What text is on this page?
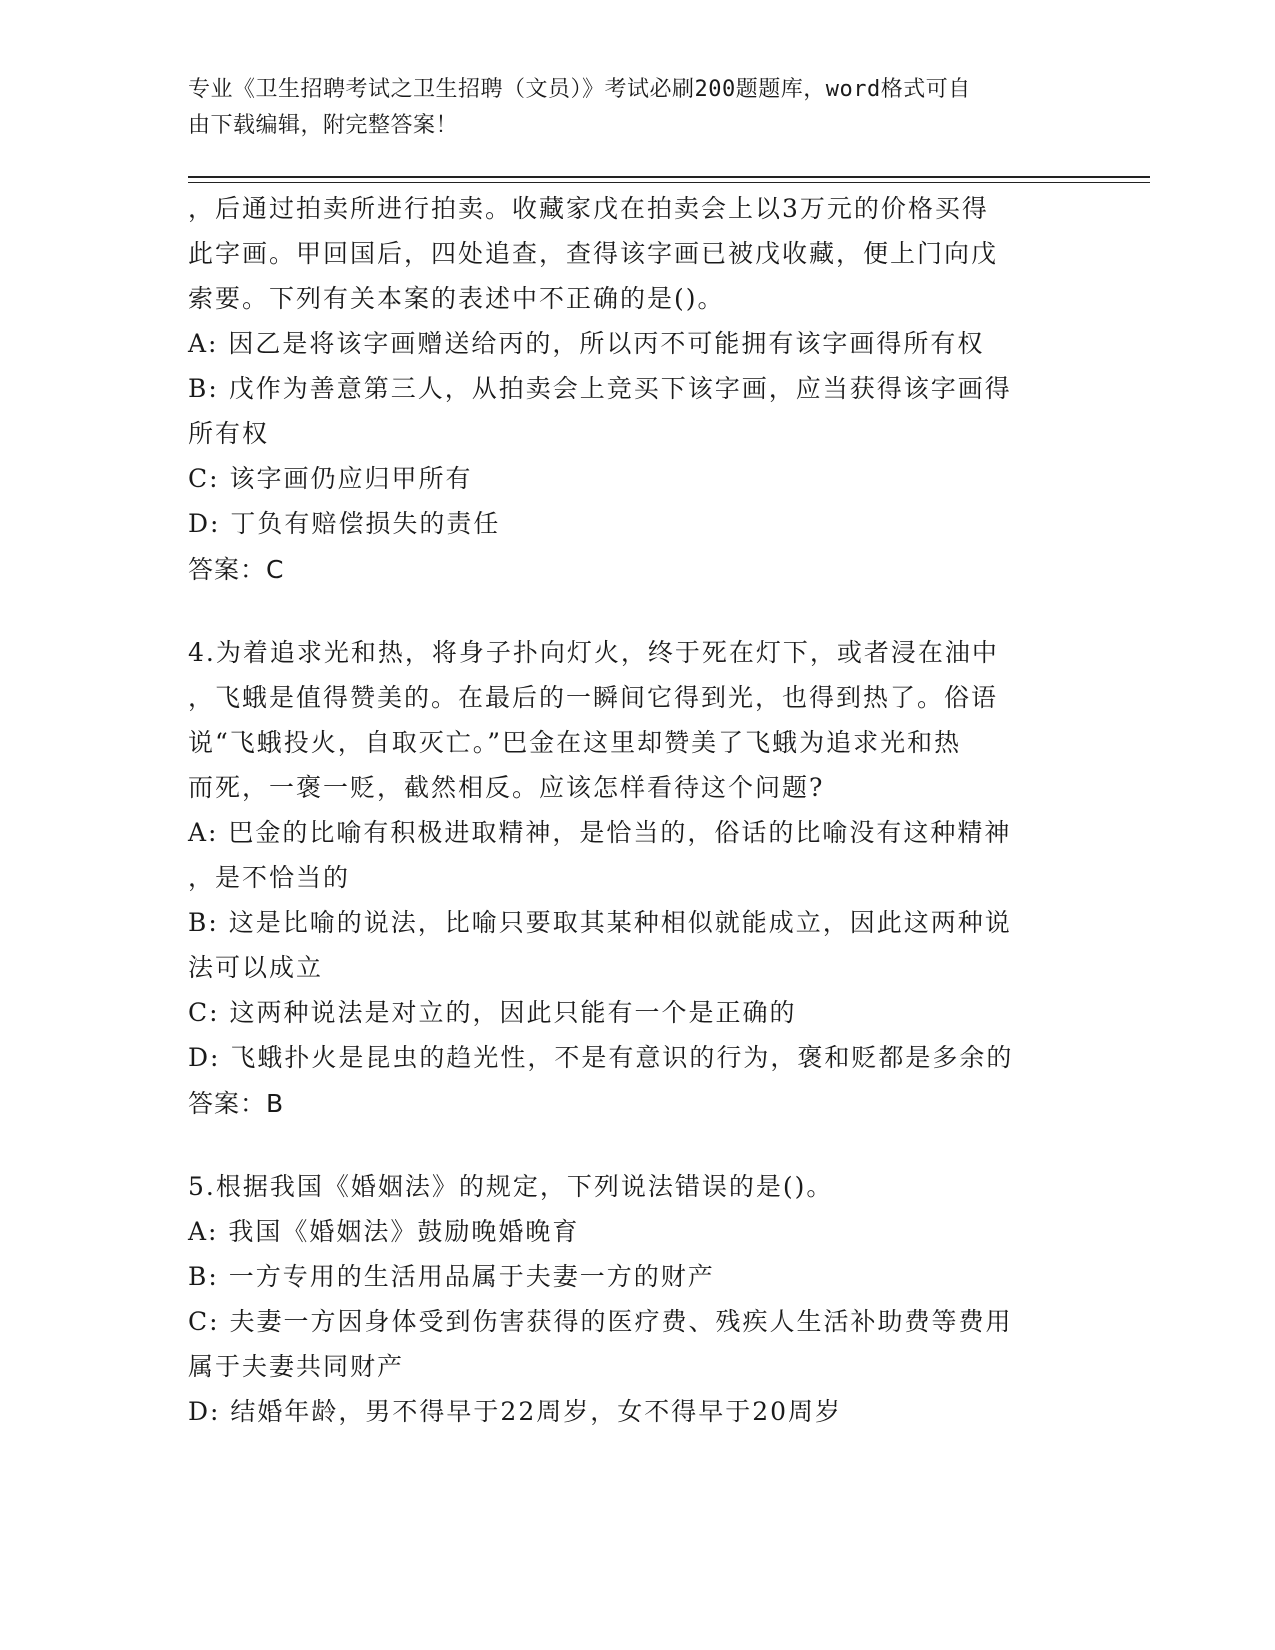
专业《卫生招聘考试之卫生招聘（文员）》考试必刷200题题库，word格式可自
由下载编辑，附完整答案！
，后通过拍卖所进行拍卖。收藏家戊在拍卖会上以3万元的价格买得
此字画。甲回国后，四处追查，查得该字画已被戊收藏，便上门向戊
索要。下列有关本案的表述中不正确的是()。
A: 因乙是将该字画赠送给丙的，所以丙不可能拥有该字画得所有权
B: 戊作为善意第三人，从拍卖会上竞买下该字画，应当获得该字画得
所有权
C: 该字画仍应归甲所有
D: 丁负有赔偿损失的责任
答案：C
4.为着追求光和热，将身子扑向灯火，终于死在灯下，或者浸在油中
，飞蛾是值得赞美的。在最后的一瞬间它得到光，也得到热了。俗语
说“飞蛾投火，自取灭亡。”巴金在这里却赞美了飞蛾为追求光和热
而死，一褒一贬，截然相反。应该怎样看待这个问题?
A: 巴金的比喻有积极进取精神，是恰当的，俗话的比喻没有这种精神
，是不恰当的
B: 这是比喻的说法，比喻只要取其某种相似就能成立，因此这两种说
法可以成立
C: 这两种说法是对立的，因此只能有一个是正确的
D: 飞蛾扑火是昆虫的趋光性，不是有意识的行为，褒和贬都是多余的
答案：B
5.根据我国《婚姻法》的规定，下列说法错误的是()。
A: 我国《婚姻法》鼓励晚婚晚育
B: 一方专用的生活用品属于夫妻一方的财产
C: 夫妻一方因身体受到伤害获得的医疗费、残疾人生活补助费等费用
属于夫妻共同财产
D: 结婚年龄，男不得早于22周岁，女不得早于20周岁
